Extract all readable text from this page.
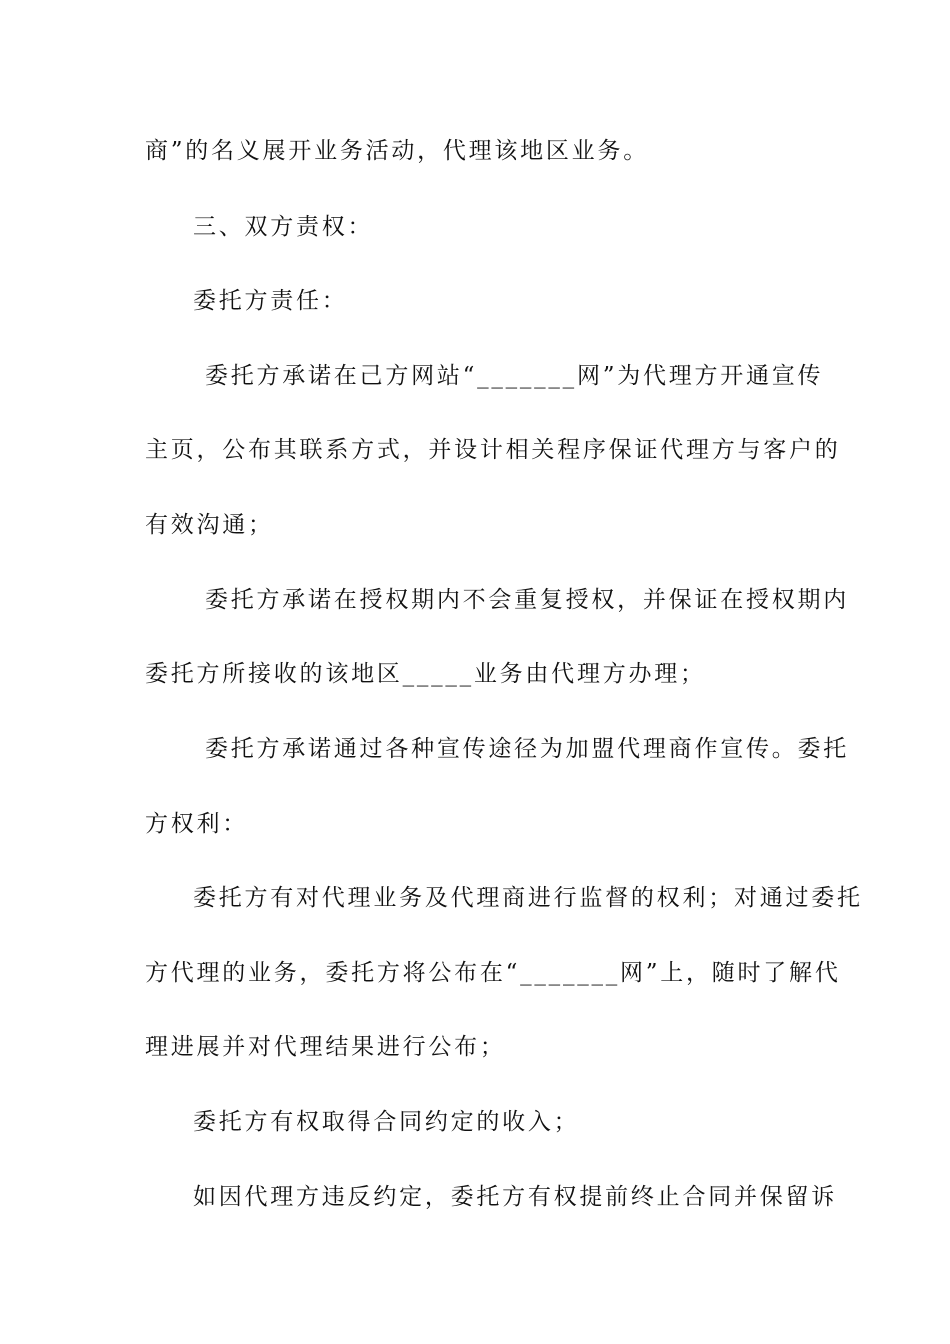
商”的名义展开业务活动，代理该地区业务。
三、双方责权：
委托方责任：
委托方承诺在己方网站“_______网”为代理方开通宣传
主页，公布其联系方式，并设计相关程序保证代理方与客户的
有效沟通；
委托方承诺在授权期内不会重复授权，并保证在授权期内
委托方所接收的该地区_____业务由代理方办理；
委托方承诺通过各种宣传途径为加盟代理商作宣传。委托
方权利：
委托方有对代理业务及代理商进行监督的权利；对通过委托
方代理的业务，委托方将公布在“_______网”上，随时了解代
理进展并对代理结果进行公布；
委托方有权取得合同约定的收入；
如因代理方违反约定，委托方有权提前终止合同并保留诉
